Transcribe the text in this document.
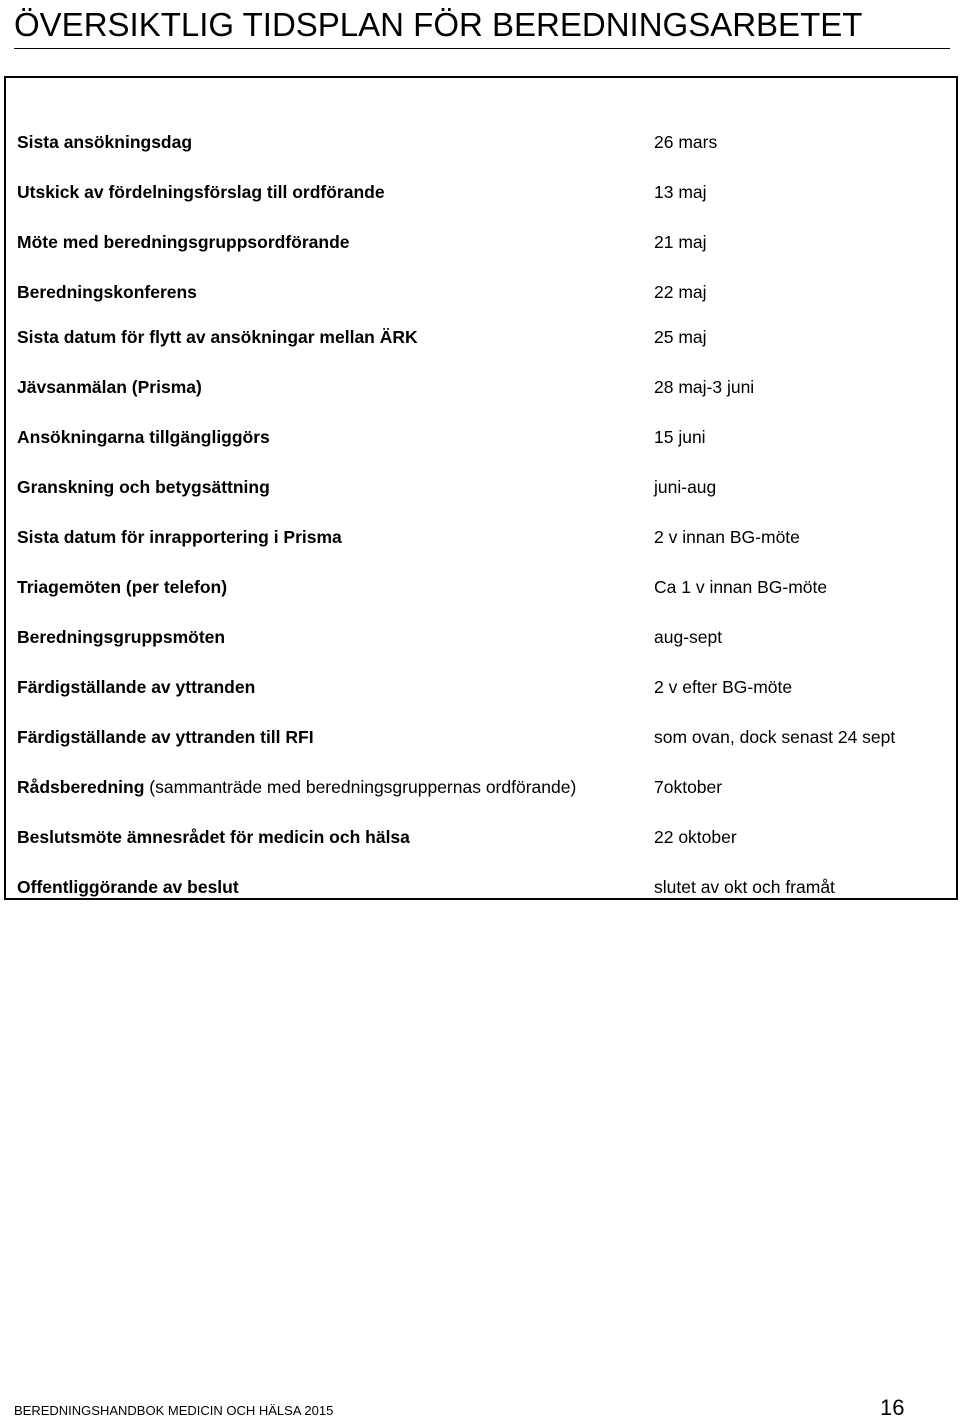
ÖVERSIKTLIG TIDSPLAN FÖR BEREDNINGSARBETET
Sista ansökningsdag	26 mars
Utskick av fördelningsförslag till ordförande	13 maj
Möte med beredningsgruppsordförande	21 maj
Beredningskonferens	22 maj
Sista datum för flytt av ansökningar mellan ÄRK	25 maj
Jävsanmälan (Prisma)	28 maj-3 juni
Ansökningarna tillgängliggörs	15 juni
Granskning och betygsättning	juni-aug
Sista datum för inrapportering i Prisma	2 v innan BG-möte
Triagemöten (per telefon)	Ca 1 v innan BG-möte
Beredningsgruppsmöten	aug-sept
Färdigställande av yttranden	2 v efter BG-möte
Färdigställande av yttranden till RFI	som ovan, dock senast 24 sept
Rådsberedning (sammanträde med beredningsgruppernas ordförande)	7oktober
Beslutsmöte ämnesrådet för medicin och hälsa	22 oktober
Offentliggörande av beslut	slutet av okt och framåt
BEREDNINGSHANDBOK MEDICIN OCH HÄLSA 2015	16
